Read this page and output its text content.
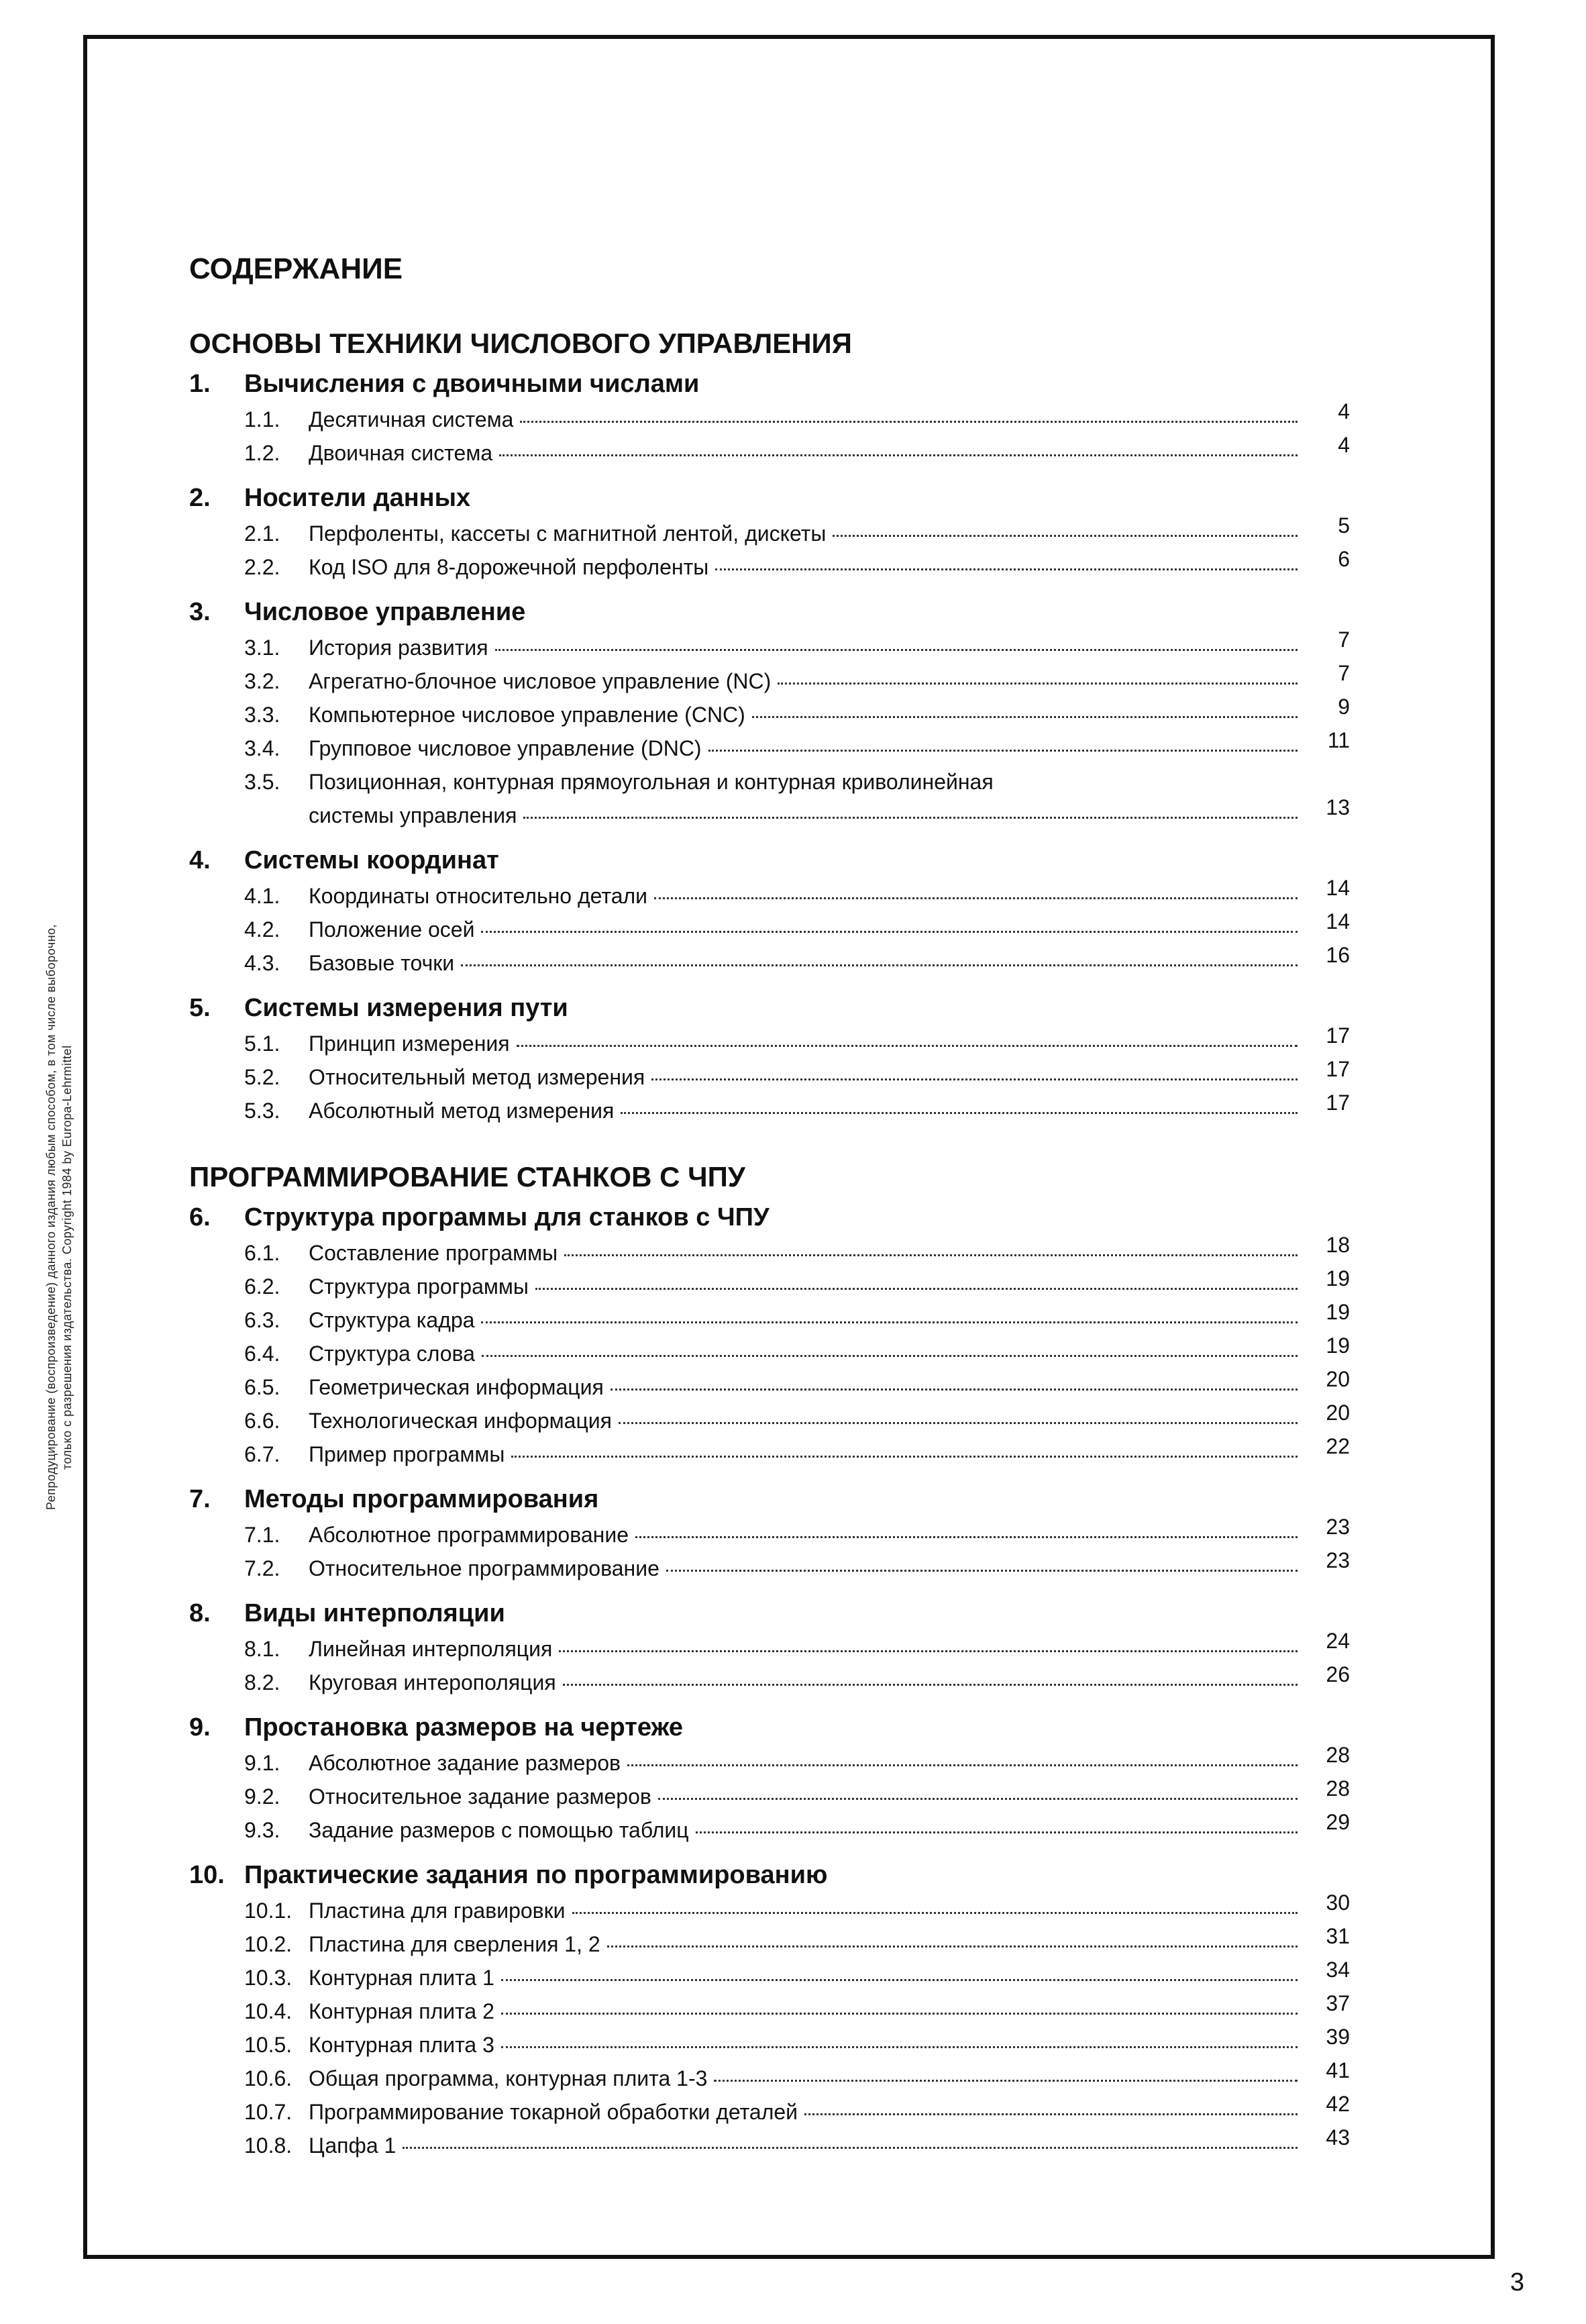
Репродуцирование (воспроизведение) данного издания любым способом, в том числе выборочно, только с разрешения издательства. Copyright 1984 by Europa-Lehrmittel
СОДЕРЖАНИЕ
ОСНОВЫ ТЕХНИКИ ЧИСЛОВОГО УПРАВЛЕНИЯ
1.	Вычисления с двоичными числами
1.1.	Десятичная система	4
1.2.	Двоичная система	4
2.	Носители данных
2.1.	Перфоленты, кассеты с магнитной лентой, дискеты	5
2.2.	Код ISO для 8-дорожечной перфоленты	6
3.	Числовое управление
3.1.	История развития	7
3.2.	Агрегатно-блочное числовое управление (NC)	7
3.3.	Компьютерное числовое управление (CNC)	9
3.4.	Групповое числовое управление (DNC)	11
3.5.	Позиционная, контурная прямоугольная и контурная криволинейная
системы управления	13
4.	Системы координат
4.1.	Координаты относительно детали	14
4.2.	Положение осей	14
4.3.	Базовые точки	16
5.	Системы измерения пути
5.1.	Принцип измерения	17
5.2.	Относительный метод измерения	17
5.3.	Абсолютный метод измерения	17
ПРОГРАММИРОВАНИЕ СТАНКОВ С ЧПУ
6.	Структура программы для станков с ЧПУ
6.1.	Составление программы	18
6.2.	Структура программы	19
6.3.	Структура кадра	19
6.4.	Структура слова	19
6.5.	Геометрическая информация	20
6.6.	Технологическая информация	20
6.7.	Пример программы	22
7.	Методы программирования
7.1.	Абсолютное программирование	23
7.2.	Относительное программирование	23
8.	Виды интерполяции
8.1.	Линейная интерполяция	24
8.2.	Круговая интерополяция	26
9.	Простановка размеров на чертеже
9.1.	Абсолютное задание размеров	28
9.2.	Относительное задание размеров	28
9.3.	Задание размеров с помощью таблиц	29
10. Практические задания по программированию
10.1. Пластина для гравировки	30
10.2. Пластина для сверления 1, 2	31
10.3. Контурная плита 1	34
10.4. Контурная плита 2	37
10.5. Контурная плита 3	39
10.6. Общая программа, контурная плита 1-3	41
10.7. Программирование токарной обработки деталей	42
10.8. Цапфа 1	43
3
